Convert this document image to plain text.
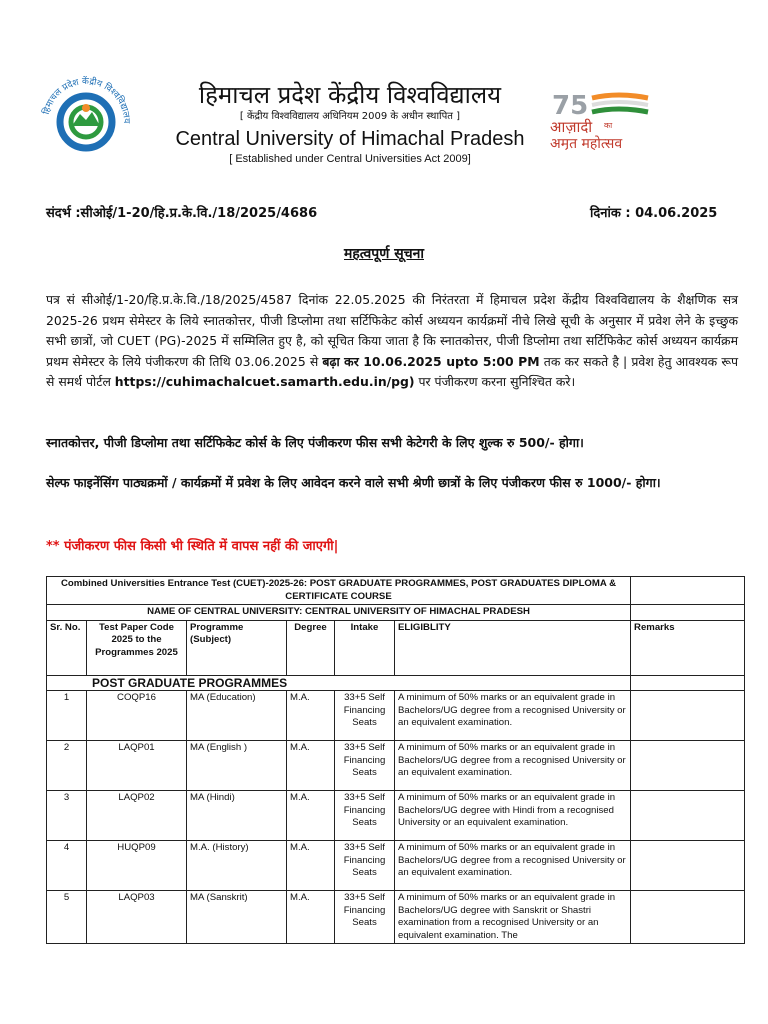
हिमाचल प्रदेश केंद्रीय विश्वविद्यालय
हिमाचल प्रदेश केंद्रीय विश्वविद्यालय
[ केंद्रीय विश्वविद्यालय अधिनियम 2009 के अधीन स्थापित ]
Central University of Himachal Pradesh
[ Established under Central Universities Act 2009]
75
आज़ादी का
अमृत महोत्सव
संदर्भ :सीओई/1-20/हि.प्र.के.वि./18/2025/4686	दिनांक : 04.06.2025
महत्वपूर्ण सूचना
पत्र सं सीओई/1-20/हि.प्र.के.वि./18/2025/4587 दिनांक 22.05.2025 की निरंतरता में हिमाचल प्रदेश केंद्रीय विश्वविद्यालय के शैक्षणिक सत्र 2025-26 प्रथम सेमेस्टर के लिये स्नातकोत्तर, पीजी डिप्लोमा तथा सर्टिफिकेट कोर्स अध्ययन कार्यक्रमों नीचे लिखे सूची के अनुसार में प्रवेश लेने के इच्छुक सभी छात्रों, जो CUET (PG)-2025 में सम्मिलित हुए है, को सूचित किया जाता है कि स्नातकोत्तर, पीजी डिप्लोमा तथा सर्टिफिकेट कोर्स अध्ययन कार्यक्रम प्रथम सेमेस्टर के लिये पंजीकरण की तिथि 03.06.2025 से बढ़ा कर 10.06.2025 upto 5:00 PM तक कर सकते है | प्रवेश हेतु आवश्यक रूप से समर्थ पोर्टल https://cuhimachalcuet.samarth.edu.in/pg) पर पंजीकरण करना सुनिश्चित करे।
स्नातकोत्तर, पीजी डिप्लोमा तथा सर्टिफिकेट कोर्स के लिए पंजीकरण फीस सभी केटेगरी के लिए शुल्क रु 500/- होगा।
सेल्फ फाइनेंसिंग पाठ्यक्रमों / कार्यक्रमों में प्रवेश के लिए आवेदन करने वाले सभी श्रेणी छात्रों के लिए पंजीकरण फीस रु 1000/- होगा।
** पंजीकरण फीस किसी भी स्थिति में वापस नहीं की जाएगी|
Combined Universities Entrance Test (CUET)-2025-26: POST GRADUATE PROGRAMMES, POST GRADUATES DIPLOMA & CERTIFICATE COURSE						
NAME OF CENTRAL UNIVERSITY: CENTRAL UNIVERSITY OF HIMACHAL PRADESH						
Sr. No.	Test Paper Code 2025 to the Programmes 2025	Programme (Subject)	Degree	Intake	ELIGIBLITY	Remarks
POST GRADUATE PROGRAMMES						
1	COQP16	MA (Education)	M.A.	33+5 Self Financing Seats	A minimum of 50% marks or an equivalent grade in Bachelors/UG degree from a recognised University or an equivalent examination.	
2	LAQP01	MA (English )	M.A.	33+5 Self Financing Seats	A minimum of 50% marks or an equivalent grade in Bachelors/UG degree from a recognised University or an equivalent examination.	
3	LAQP02	MA (Hindi)	M.A.	33+5 Self Financing Seats	A minimum of 50% marks or an equivalent grade in Bachelors/UG degree with Hindi from a recognised University or an equivalent examination.	
4	HUQP09	M.A. (History)	M.A.	33+5 Self Financing Seats	A minimum of 50% marks or an equivalent grade in Bachelors/UG degree from a recognised University or an equivalent examination.	
5	LAQP03	MA (Sanskrit)	M.A.	33+5 Self Financing Seats	A minimum of 50% marks or an equivalent grade in Bachelors/UG degree with Sanskrit or Shastri examination from a recognised University or an equivalent examination. The	
